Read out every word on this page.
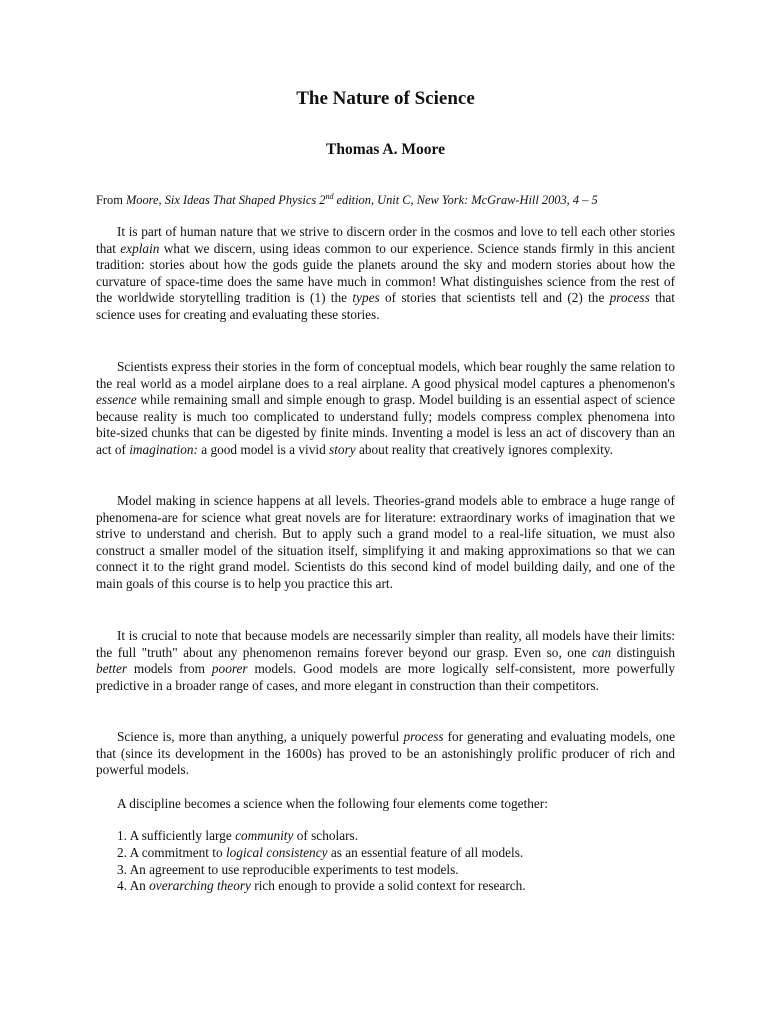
The Nature of Science
Thomas A. Moore
From Moore, Six Ideas That Shaped Physics 2nd edition, Unit C, New York: McGraw-Hill 2003, 4 – 5

It is part of human nature that we strive to discern order in the cosmos and love to tell each other stories that explain what we discern, using ideas common to our experience. Science stands firmly in this ancient tradition: stories about how the gods guide the planets around the sky and modern stories about how the curvature of space-time does the same have much in common! What distinguishes science from the rest of the worldwide storytelling tradition is (1) the types of stories that scientists tell and (2) the process that science uses for creating and evaluating these stories.

Scientists express their stories in the form of conceptual models, which bear roughly the same relation to the real world as a model airplane does to a real airplane. A good physical model captures a phenomenon's essence while remaining small and simple enough to grasp. Model building is an essential aspect of science because reality is much too complicated to understand fully; models compress complex phenomena into bite-sized chunks that can be digested by finite minds. Inventing a model is less an act of discovery than an act of imagination: a good model is a vivid story about reality that creatively ignores complexity.

Model making in science happens at all levels. Theories-grand models able to embrace a huge range of phenomena-are for science what great novels are for literature: extraordinary works of imagination that we strive to understand and cherish. But to apply such a grand model to a real-life situation, we must also construct a smaller model of the situation itself, simplifying it and making approximations so that we can connect it to the right grand model. Scientists do this second kind of model building daily, and one of the main goals of this course is to help you practice this art.

It is crucial to note that because models are necessarily simpler than reality, all models have their limits: the full "truth" about any phenomenon remains forever beyond our grasp. Even so, one can distinguish better models from poorer models. Good models are more logically self-consistent, more powerfully predictive in a broader range of cases, and more elegant in construction than their competitors.

Science is, more than anything, a uniquely powerful process for generating and evaluating models, one that (since its development in the 1600s) has proved to be an astonishingly prolific producer of rich and powerful models.

A discipline becomes a science when the following four elements come together:

1. A sufficiently large community of scholars.
2. A commitment to logical consistency as an essential feature of all models.
3. An agreement to use reproducible experiments to test models.
4. An overarching theory rich enough to provide a solid context for research.
